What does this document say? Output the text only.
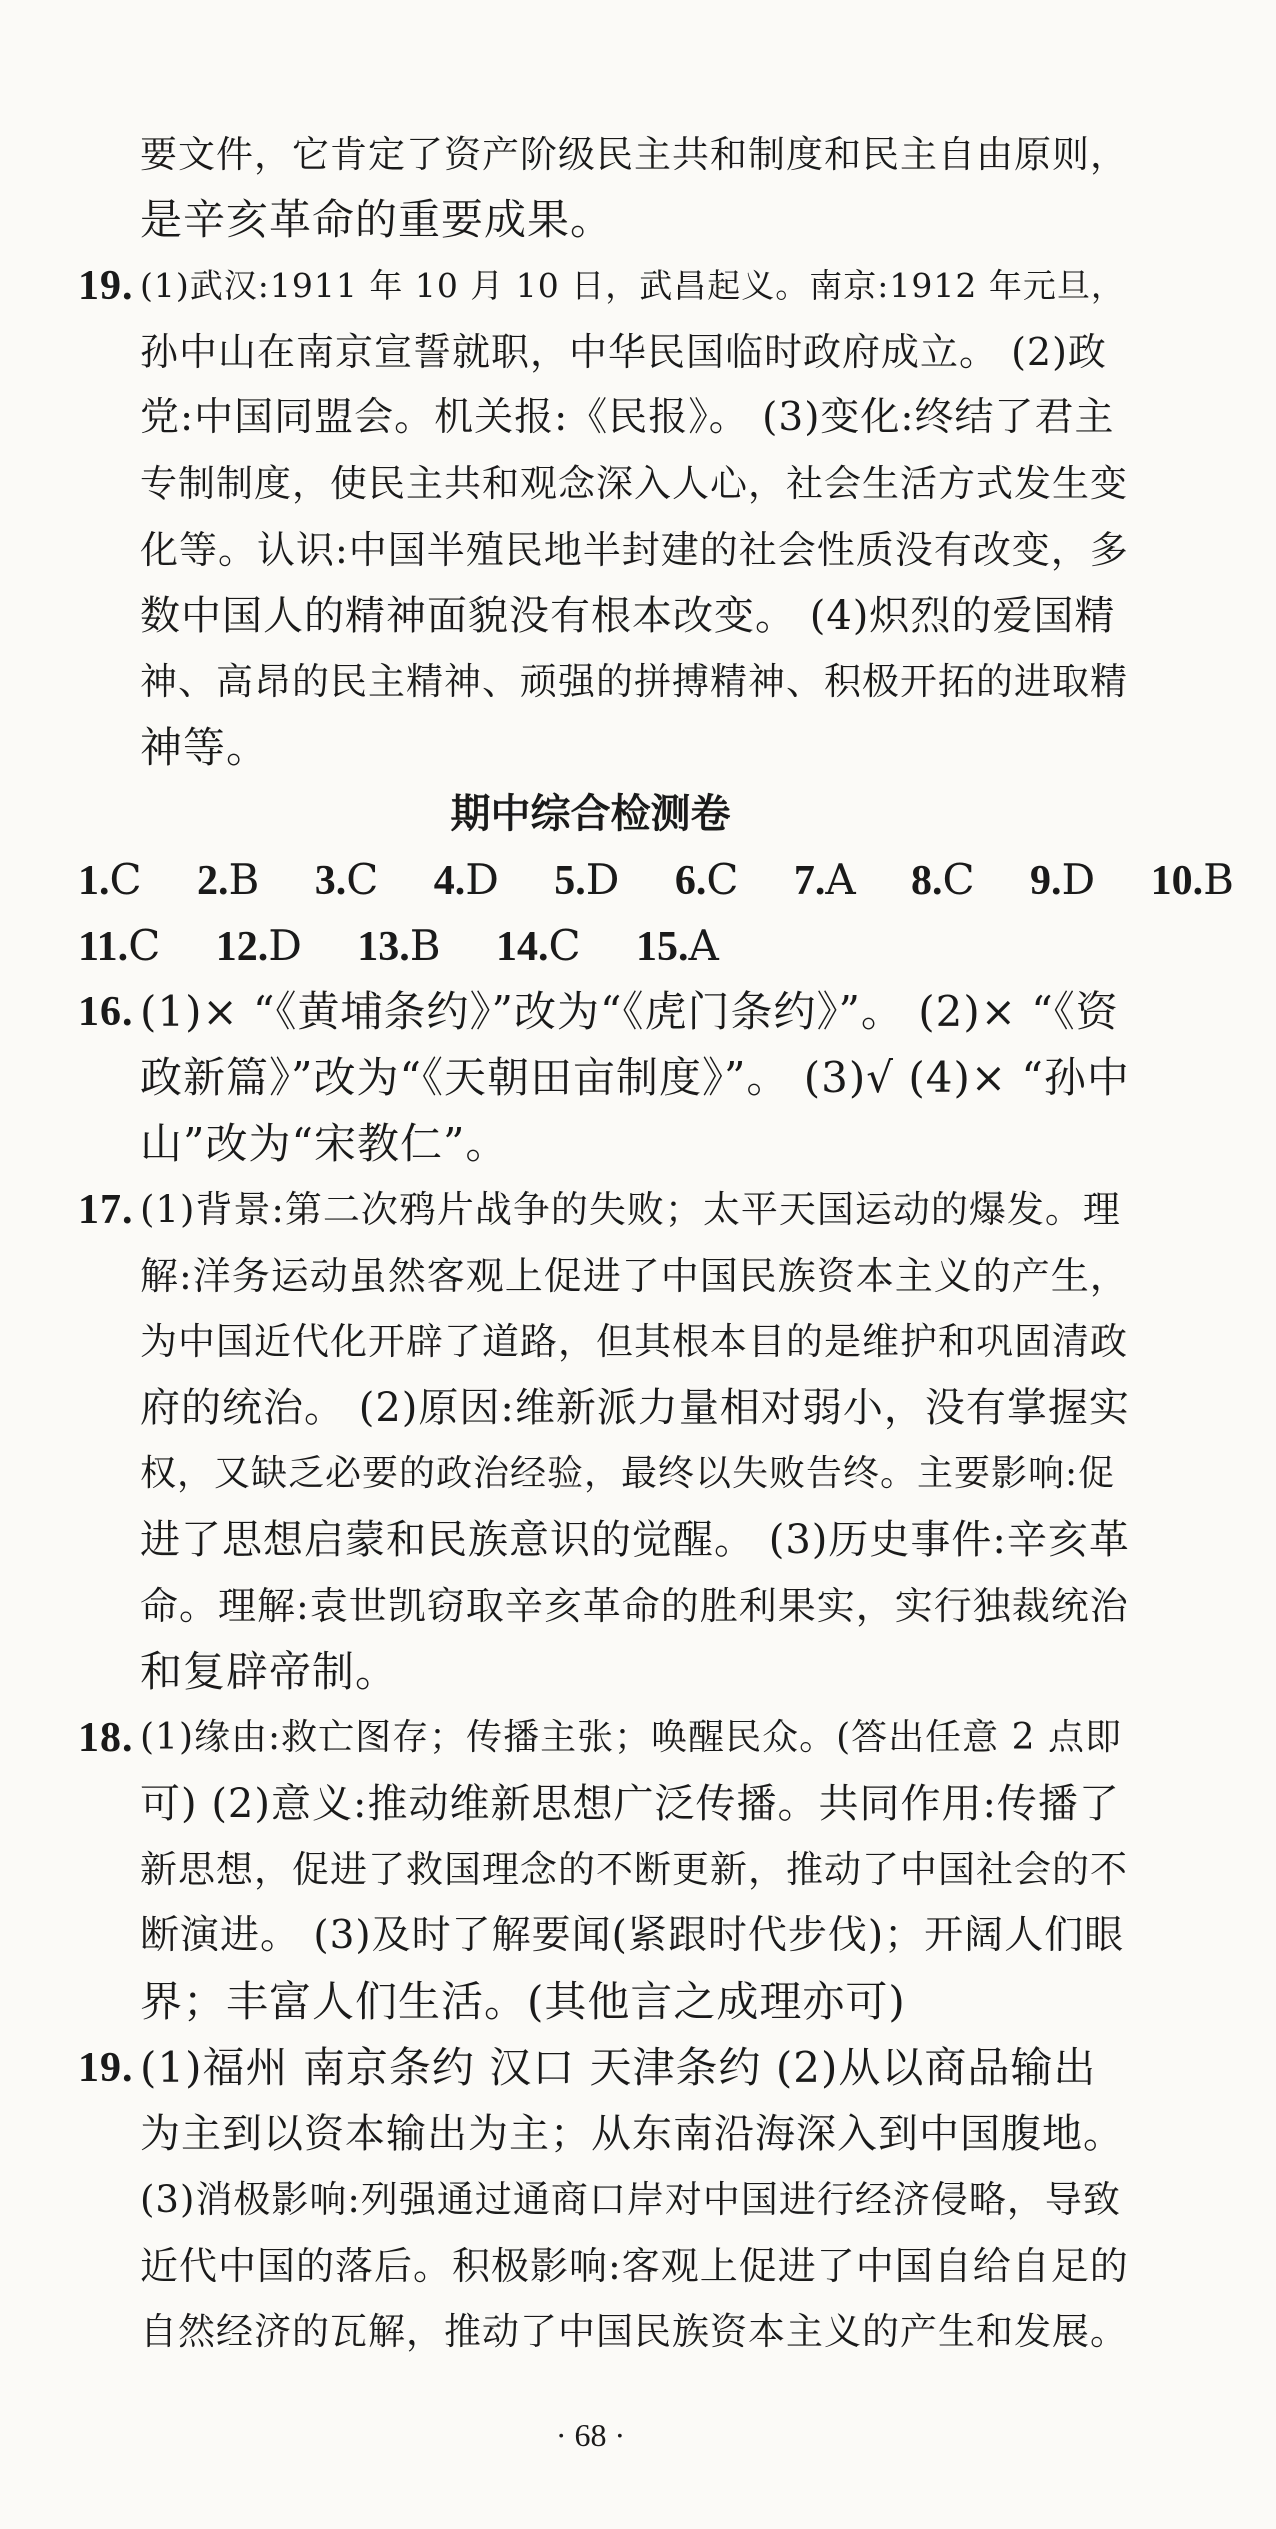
要文件，它肯定了资产阶级民主共和制度和民主自由原则，
是辛亥革命的重要成果。
19. (1)武汉:1911 年 10 月 10 日，武昌起义。南京:1912 年元旦，
孙中山在南京宣誓就职，中华民国临时政府成立。 (2)政
党:中国同盟会。机关报:《民报》。 (3)变化:终结了君主
专制制度，使民主共和观念深入人心，社会生活方式发生变
化等。认识:中国半殖民地半封建的社会性质没有改变，多
数中国人的精神面貌没有根本改变。 (4)炽烈的爱国精
神、高昂的民主精神、顽强的拼搏精神、积极开拓的进取精
神等。
期中综合检测卷
1.C 2.B 3.C 4.D 5.D 6.C 7.A 8.C 9.D 10.B
11.C 12.D 13.B 14.C 15.A
16. (1)× “《黄埔条约》”改为“《虎门条约》”。 (2)× “《资
政新篇》”改为“《天朝田亩制度》”。 (3)√ (4)× “孙中
山”改为“宋教仁”。
17. (1)背景:第二次鸦片战争的失败；太平天国运动的爆发。理
解:洋务运动虽然客观上促进了中国民族资本主义的产生，
为中国近代化开辟了道路，但其根本目的是维护和巩固清政
府的统治。 (2)原因:维新派力量相对弱小，没有掌握实
权，又缺乏必要的政治经验，最终以失败告终。主要影响:促
进了思想启蒙和民族意识的觉醒。 (3)历史事件:辛亥革
命。理解:袁世凯窃取辛亥革命的胜利果实，实行独裁统治
和复辟帝制。
18. (1)缘由:救亡图存；传播主张；唤醒民众。(答出任意 2 点即
可) (2)意义:推动维新思想广泛传播。共同作用:传播了
新思想，促进了救国理念的不断更新，推动了中国社会的不
断演进。 (3)及时了解要闻(紧跟时代步伐)；开阔人们眼
界；丰富人们生活。(其他言之成理亦可)
19. (1)福州 南京条约 汉口 天津条约 (2)从以商品输出
为主到以资本输出为主；从东南沿海深入到中国腹地。
(3)消极影响:列强通过通商口岸对中国进行经济侵略，导致
近代中国的落后。积极影响:客观上促进了中国自给自足的
自然经济的瓦解，推动了中国民族资本主义的产生和发展。
· 68 ·
